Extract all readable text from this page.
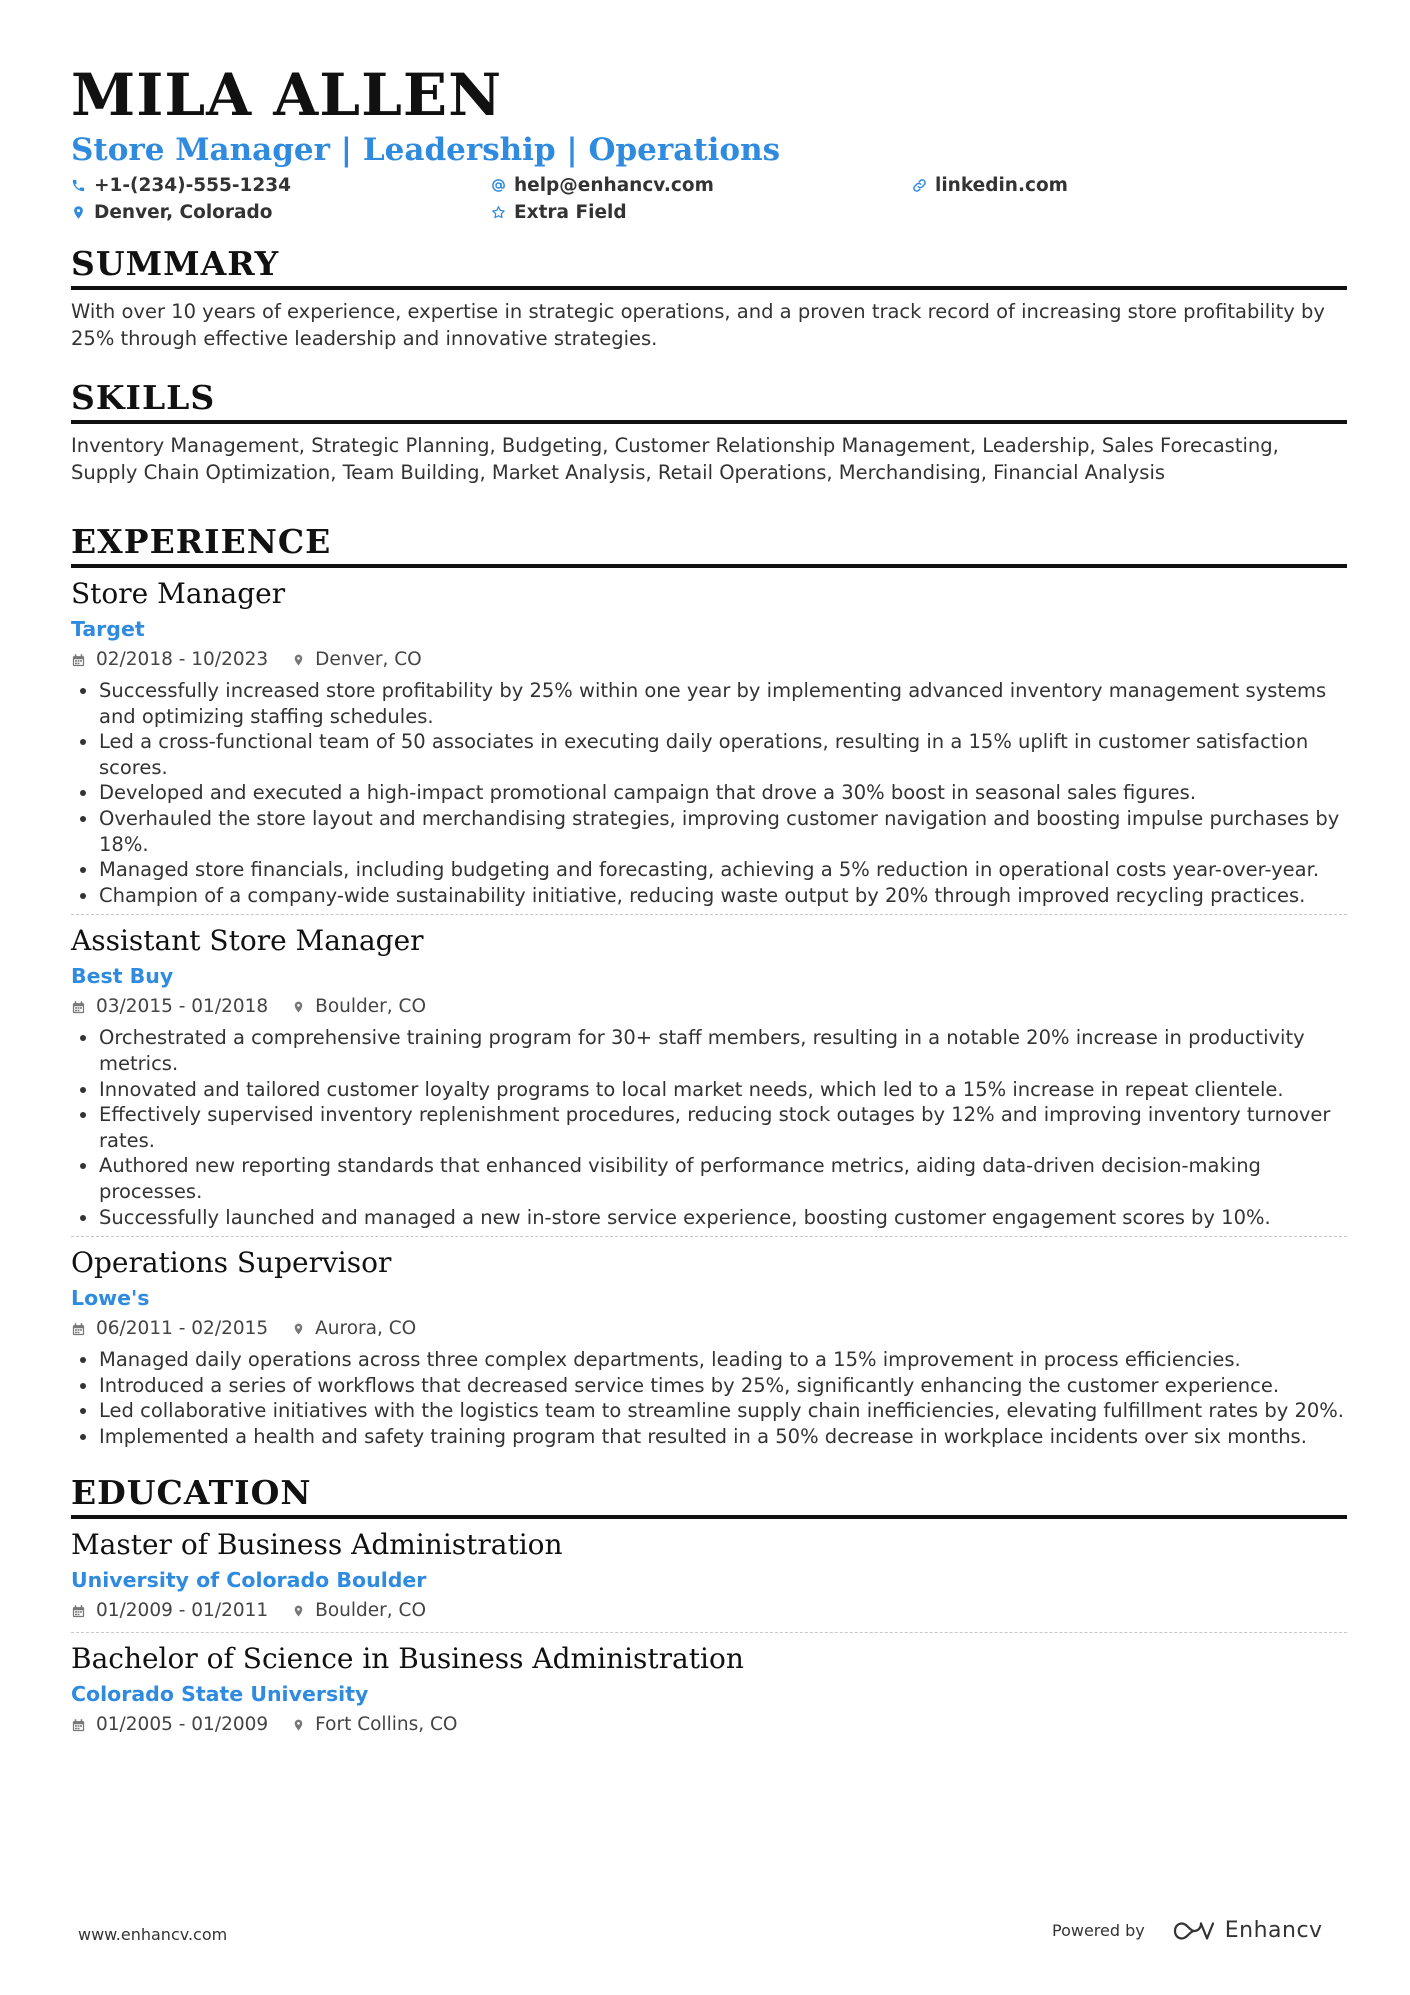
MILA ALLEN
Store Manager | Leadership | Operations
+1-(234)-555-1234	help@enhancv.com	linkedin.com
Denver, Colorado	Extra Field
SUMMARY
With over 10 years of experience, expertise in strategic operations, and a proven track record of increasing store profitability by 25% through effective leadership and innovative strategies.
SKILLS
Inventory Management, Strategic Planning, Budgeting, Customer Relationship Management, Leadership, Sales Forecasting, Supply Chain Optimization, Team Building, Market Analysis, Retail Operations, Merchandising, Financial Analysis
EXPERIENCE
Store Manager
Target
02/2018 - 10/2023	Denver, CO
• Successfully increased store profitability by 25% within one year by implementing advanced inventory management systems and optimizing staffing schedules.
• Led a cross-functional team of 50 associates in executing daily operations, resulting in a 15% uplift in customer satisfaction scores.
• Developed and executed a high-impact promotional campaign that drove a 30% boost in seasonal sales figures.
• Overhauled the store layout and merchandising strategies, improving customer navigation and boosting impulse purchases by 18%.
• Managed store financials, including budgeting and forecasting, achieving a 5% reduction in operational costs year-over-year.
• Champion of a company-wide sustainability initiative, reducing waste output by 20% through improved recycling practices.
Assistant Store Manager
Best Buy
03/2015 - 01/2018	Boulder, CO
• Orchestrated a comprehensive training program for 30+ staff members, resulting in a notable 20% increase in productivity metrics.
• Innovated and tailored customer loyalty programs to local market needs, which led to a 15% increase in repeat clientele.
• Effectively supervised inventory replenishment procedures, reducing stock outages by 12% and improving inventory turnover rates.
• Authored new reporting standards that enhanced visibility of performance metrics, aiding data-driven decision-making processes.
• Successfully launched and managed a new in-store service experience, boosting customer engagement scores by 10%.
Operations Supervisor
Lowe's
06/2011 - 02/2015	Aurora, CO
• Managed daily operations across three complex departments, leading to a 15% improvement in process efficiencies.
• Introduced a series of workflows that decreased service times by 25%, significantly enhancing the customer experience.
• Led collaborative initiatives with the logistics team to streamline supply chain inefficiencies, elevating fulfillment rates by 20%.
• Implemented a health and safety training program that resulted in a 50% decrease in workplace incidents over six months.
EDUCATION
Master of Business Administration
University of Colorado Boulder
01/2009 - 01/2011	Boulder, CO
Bachelor of Science in Business Administration
Colorado State University
01/2005 - 01/2009	Fort Collins, CO
www.enhancv.com	Powered by	Enhancv
